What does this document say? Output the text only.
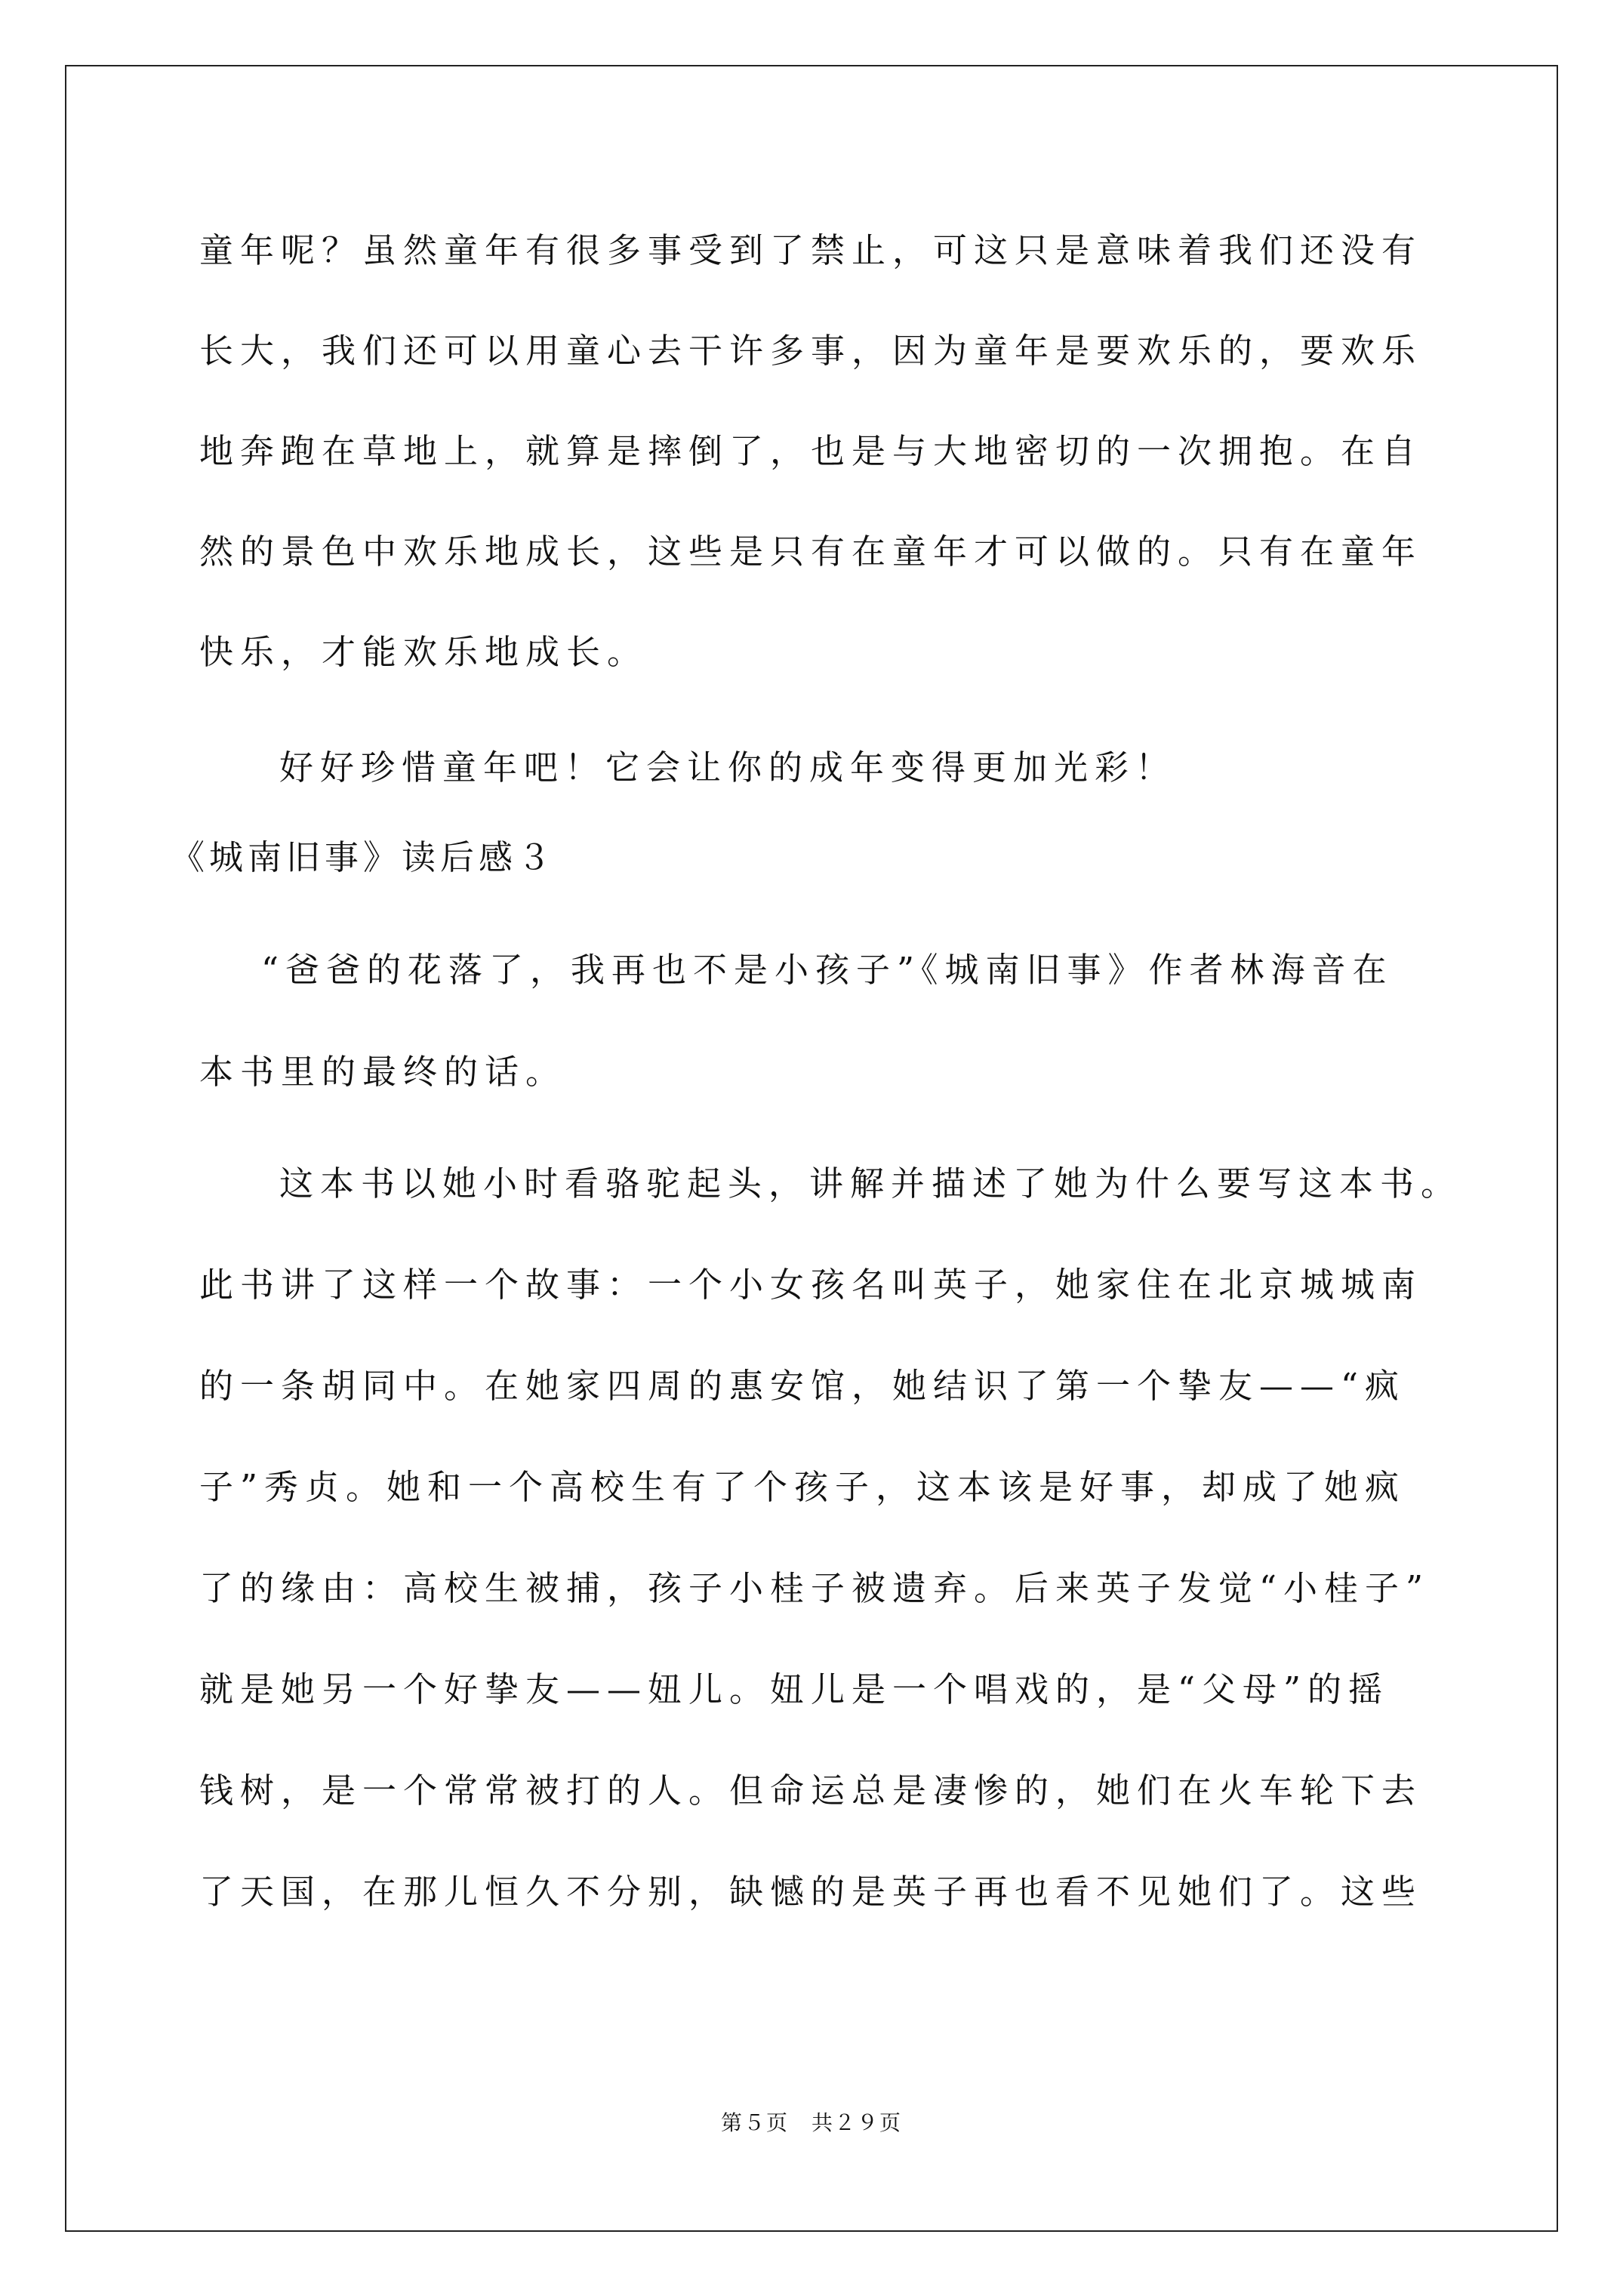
童年呢？虽然童年有很多事受到了禁止，可这只是意味着我们还没有
长大，我们还可以用童心去干许多事，因为童年是要欢乐的，要欢乐
地奔跑在草地上，就算是摔倒了，也是与大地密切的一次拥抱。在自
然的景色中欢乐地成长，这些是只有在童年才可以做的。只有在童年
快乐，才能欢乐地成长。
好好珍惜童年吧！它会让你的成年变得更加光彩！
《城南旧事》读后感３
“爸爸的花落了，我再也不是小孩子”《城南旧事》作者林海音在
本书里的最终的话。
这本书以她小时看骆驼起头，讲解并描述了她为什么要写这本书。
此书讲了这样一个故事：一个小女孩名叫英子，她家住在北京城城南
的一条胡同中。在她家四周的惠安馆，她结识了第一个挚友——“疯
子”秀贞。她和一个高校生有了个孩子，这本该是好事，却成了她疯
了的缘由：高校生被捕，孩子小桂子被遗弃。后来英子发觉“小桂子”
就是她另一个好挚友——妞儿。妞儿是一个唱戏的，是“父母”的摇
钱树，是一个常常被打的人。但命运总是凄惨的，她们在火车轮下去
了天国，在那儿恒久不分别，缺憾的是英子再也看不见她们了。这些
第５页　共２９页
